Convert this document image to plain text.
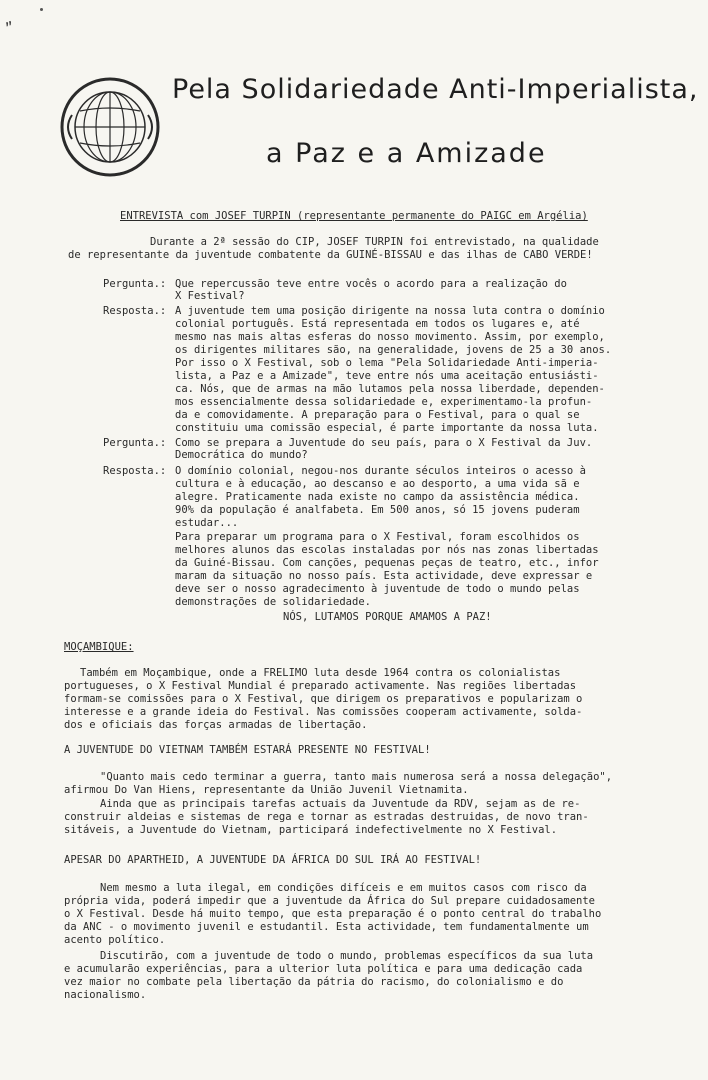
”
Pela Solidariedade Anti-Imperialista,
a Paz e a Amizade
ENTREVISTA com JOSEF TURPIN (representante permanente do PAIGC em Argélia)
Durante a 2ª sessão do CIP, JOSEF TURPIN foi entrevistado, na qualidade
de representante da juventude combatente da GUINÉ-BISSAU e das ilhas de CABO VERDE!
Pergunta.: Que repercussão teve entre vocês o acordo para a realização do
X Festival?
Resposta.: A juventude tem uma posição dirigente na nossa luta contra o domínio
colonial português. Está representada em todos os lugares e, até
mesmo nas mais altas esferas do nosso movimento. Assim, por exemplo,
os dirigentes militares são, na generalidade, jovens de 25 a 30 anos.
Por isso o X Festival, sob o lema "Pela Solidariedade Anti-imperia-
lista, a Paz e a Amizade", teve entre nós uma aceitação entusiásti-
ca. Nós, que de armas na mão lutamos pela nossa liberdade, dependen-
mos essencialmente dessa solidariedade e, experimentamo-la profun-
da e comovidamente. A preparação para o Festival, para o qual se
constituiu uma comissão especial, é parte importante da nossa luta.
Pergunta.: Como se prepara a Juventude do seu país, para o X Festival da Juv.
Democrática do mundo?
Resposta.: O domínio colonial, negou-nos durante séculos inteiros o acesso à
cultura e à educação, ao descanso e ao desporto, a uma vida sã e
alegre. Praticamente nada existe no campo da assistência médica.
90% da população é analfabeta. Em 500 anos, só 15 jovens puderam
estudar...
Para preparar um programa para o X Festival, foram escolhidos os
melhores alunos das escolas instaladas por nós nas zonas libertadas
da Guiné-Bissau. Com canções, pequenas peças de teatro, etc., infor
maram da situação no nosso país. Esta actividade, deve expressar e
deve ser o nosso agradecimento à juventude de todo o mundo pelas
demonstrações de solidariedade.
NÓS, LUTAMOS PORQUE AMAMOS A PAZ!
MOÇAMBIQUE:
Também em Moçambique, onde a FRELIMO luta desde 1964 contra os colonialistas
portugueses, o X Festival Mundial é preparado activamente. Nas regiões libertadas
formam-se comissões para o X Festival, que dirigem os preparativos e popularizam o
interesse e a grande ideia do Festival. Nas comissões cooperam activamente, solda-
dos e oficiais das forças armadas de libertação.
A JUVENTUDE DO VIETNAM TAMBÉM ESTARÁ PRESENTE NO FESTIVAL!
"Quanto mais cedo terminar a guerra, tanto mais numerosa será a nossa delegação",
afirmou Do Van Hiens, representante da União Juvenil Vietnamita.
Ainda que as principais tarefas actuais da Juventude da RDV, sejam as de re-
construir aldeias e sistemas de rega e tornar as estradas destruidas, de novo tran-
sitáveis, a Juventude do Vietnam, participará indefectivelmente no X Festival.
APESAR DO APARTHEID, A JUVENTUDE DA ÁFRICA DO SUL IRÁ AO FESTIVAL!
Nem mesmo a luta ilegal, em condições difíceis e em muitos casos com risco da
própria vida, poderá impedir que a juventude da África do Sul prepare cuidadosamente
o X Festival. Desde há muito tempo, que esta preparação é o ponto central do trabalho
da ANC - o movimento juvenil e estudantil. Esta actividade, tem fundamentalmente um
acento político.
Discutirão, com a juventude de todo o mundo, problemas específicos da sua luta
e acumularão experiências, para a ulterior luta política e para uma dedicação cada
vez maior no combate pela libertação da pátria do racismo, do colonialismo e do
nacionalismo.
